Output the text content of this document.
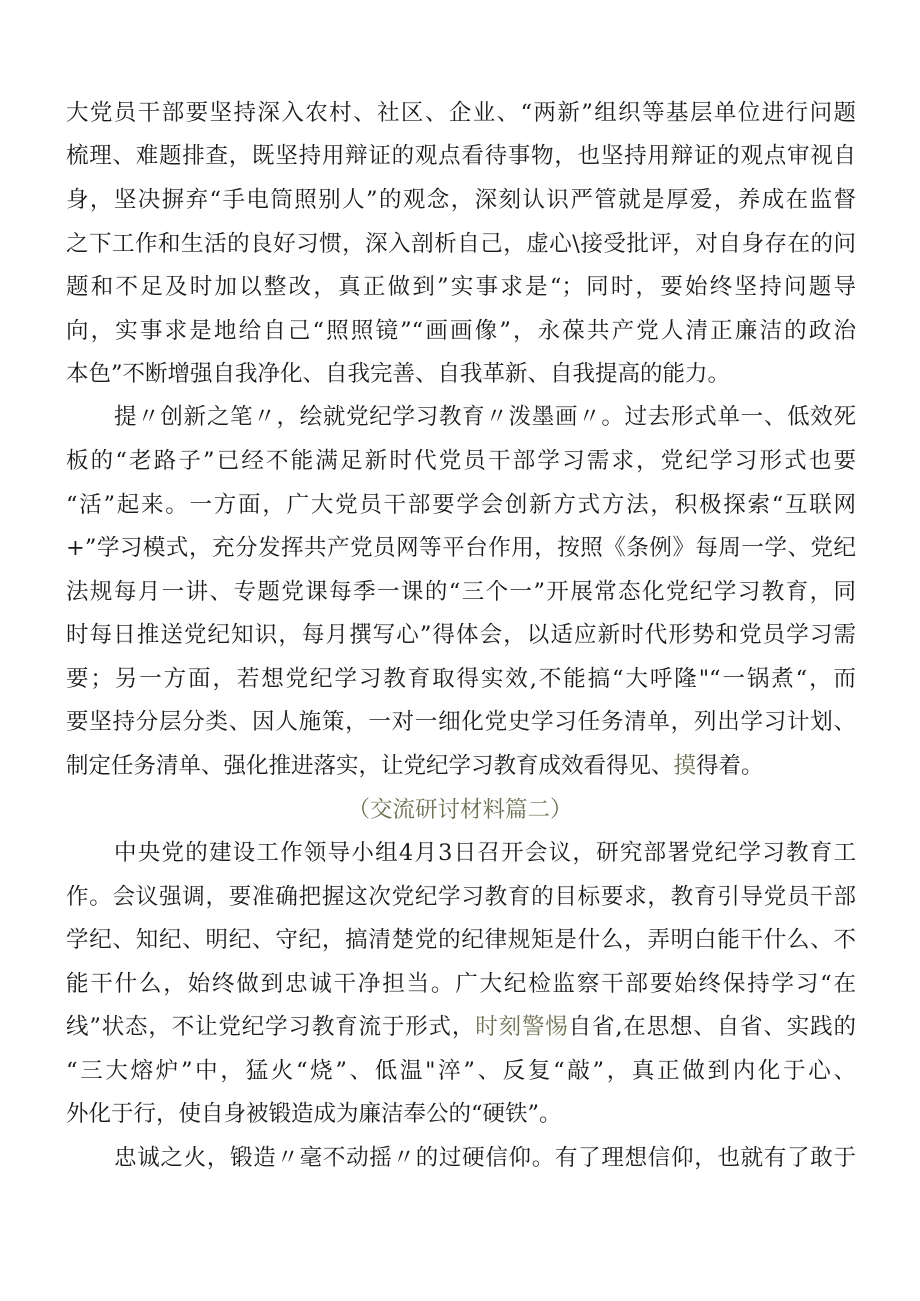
大党员干部要坚持深入农村、社区、企业、“两新”组织等基层单位进行问题
梳理、难题排查，既坚持用辩证的观点看待事物，也坚持用辩证的观点审视自
身，坚决摒弃“手电筒照别人”的观念，深刻认识严管就是厚爱，养成在监督
之下工作和生活的良好习惯，深入剖析自己，虚心\接受批评，对自身存在的问
题和不足及时加以整改，真正做到”实事求是“；同时，要始终坚持问题导
向，实事求是地给自己“照照镜”“画画像”，永葆共产党人清正廉洁的政治
本色”不断增强自我净化、自我完善、自我革新、自我提高的能力。
提〃创新之笔〃，绘就党纪学习教育〃泼墨画〃。过去形式单一、低效死
板的“老路子”已经不能满足新时代党员干部学习需求，党纪学习形式也要
“活”起来。一方面，广大党员干部要学会创新方式方法，积极探索“互联网
+”学习模式，充分发挥共产党员网等平台作用，按照《条例》每周一学、党纪
法规每月一讲、专题党课每季一课的“三个一”开展常态化党纪学习教育，同
时每日推送党纪知识，每月撰写心”得体会，以适应新时代形势和党员学习需
要；另一方面，若想党纪学习教育取得实效,不能搞“大呼隆"“一锅煮“，而
要坚持分层分类、因人施策，一对一细化党史学习任务清单，列出学习计划、
制定任务清单、强化推进落实，让党纪学习教育成效看得见、摸得着。
（交流研讨材料篇二）
中央党的建设工作领导小组4月3日召开会议，研究部署党纪学习教育工
作。会议强调，要准确把握这次党纪学习教育的目标要求，教育引导党员干部
学纪、知纪、明纪、守纪，搞清楚党的纪律规矩是什么，弄明白能干什么、不
能干什么，始终做到忠诚干净担当。广大纪检监察干部要始终保持学习“在
线”状态，不让党纪学习教育流于形式，时刻警惕自省,在思想、自省、实践的
“三大熔炉”中，猛火“烧”、低温"淬”、反复“敲”，真正做到内化于心、
外化于行，使自身被锻造成为廉洁奉公的“硬铁”。
忠诚之火，锻造〃毫不动摇〃的过硬信仰。有了理想信仰，也就有了敢于
